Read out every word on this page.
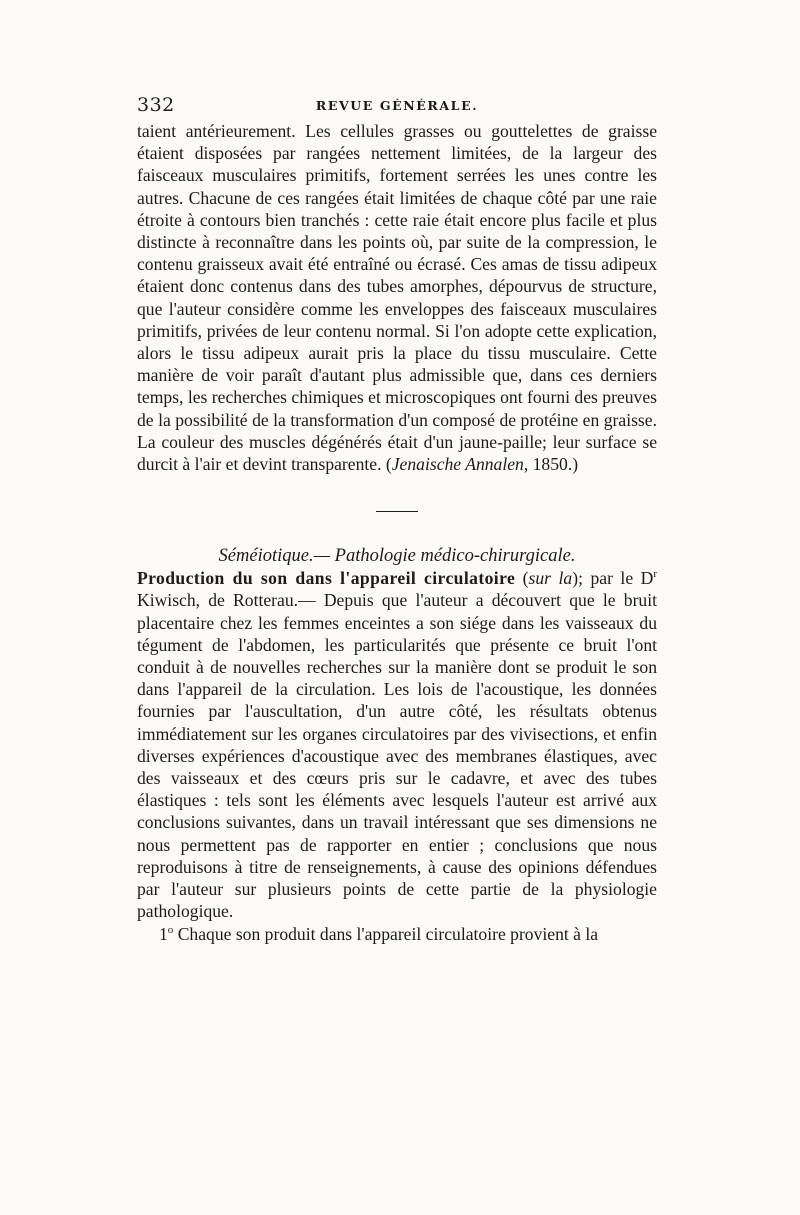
332	REVUE GÉNÉRALE.

taient antérieurement. Les cellules grasses ou gouttelettes de graisse étaient disposées par rangées nettement limitées, de la largeur des faisceaux musculaires primitifs, fortement serrées les unes contre les autres. Chacune de ces rangées était limitées de chaque côté par une raie étroite à contours bien tranchés : cette raie était encore plus facile et plus distincte à reconnaître dans les points où, par suite de la compression, le contenu graisseux avait été entraîné ou écrasé. Ces amas de tissu adipeux étaient donc contenus dans des tubes amorphes, dépourvus de structure, que l'auteur considère comme les enveloppes des faisceaux musculaires primitifs, privées de leur contenu normal. Si l'on adopte cette explication, alors le tissu adipeux aurait pris la place du tissu musculaire. Cette manière de voir paraît d'autant plus admissible que, dans ces derniers temps, les recherches chimiques et microscopiques ont fourni des preuves de la possibilité de la transformation d'un composé de protéine en graisse. La couleur des muscles dégénérés était d'un jaune-paille; leur surface se durcit à l'air et devint transparente. (Jenaische Annalen, 1850.)

Séméiotique.— Pathologie médico-chirurgicale.

Production du son dans l'appareil circulatoire (sur la); par le $D^r$ Kiwisch, de Rotterau.— Depuis que l'auteur a découvert que le bruit placentaire chez les femmes enceintes a son siége dans les vaisseaux du tégument de l'abdomen, les particularités que présente ce bruit l'ont conduit à de nouvelles recherches sur la manière dont se produit le son dans l'appareil de la circulation. Les lois de l'acoustique, les données fournies par l'auscultation, d'un autre côté, les résultats obtenus immédiatement sur les organes circulatoires par des vivisections, et enfin diverses expériences d'acoustique avec des membranes élastiques, avec des vaisseaux et des cœurs pris sur le cadavre, et avec des tubes élastiques : tels sont les éléments avec lesquels l'auteur est arrivé aux conclusions suivantes, dans un travail intéressant que ses dimensions ne nous permettent pas de rapporter en entier ; conclusions que nous reproduisons à titre de renseignements, à cause des opinions défendues par l'auteur sur plusieurs points de cette partie de la physiologie pathologique.

1$^o$ Chaque son produit dans l'appareil circulatoire provient à la
